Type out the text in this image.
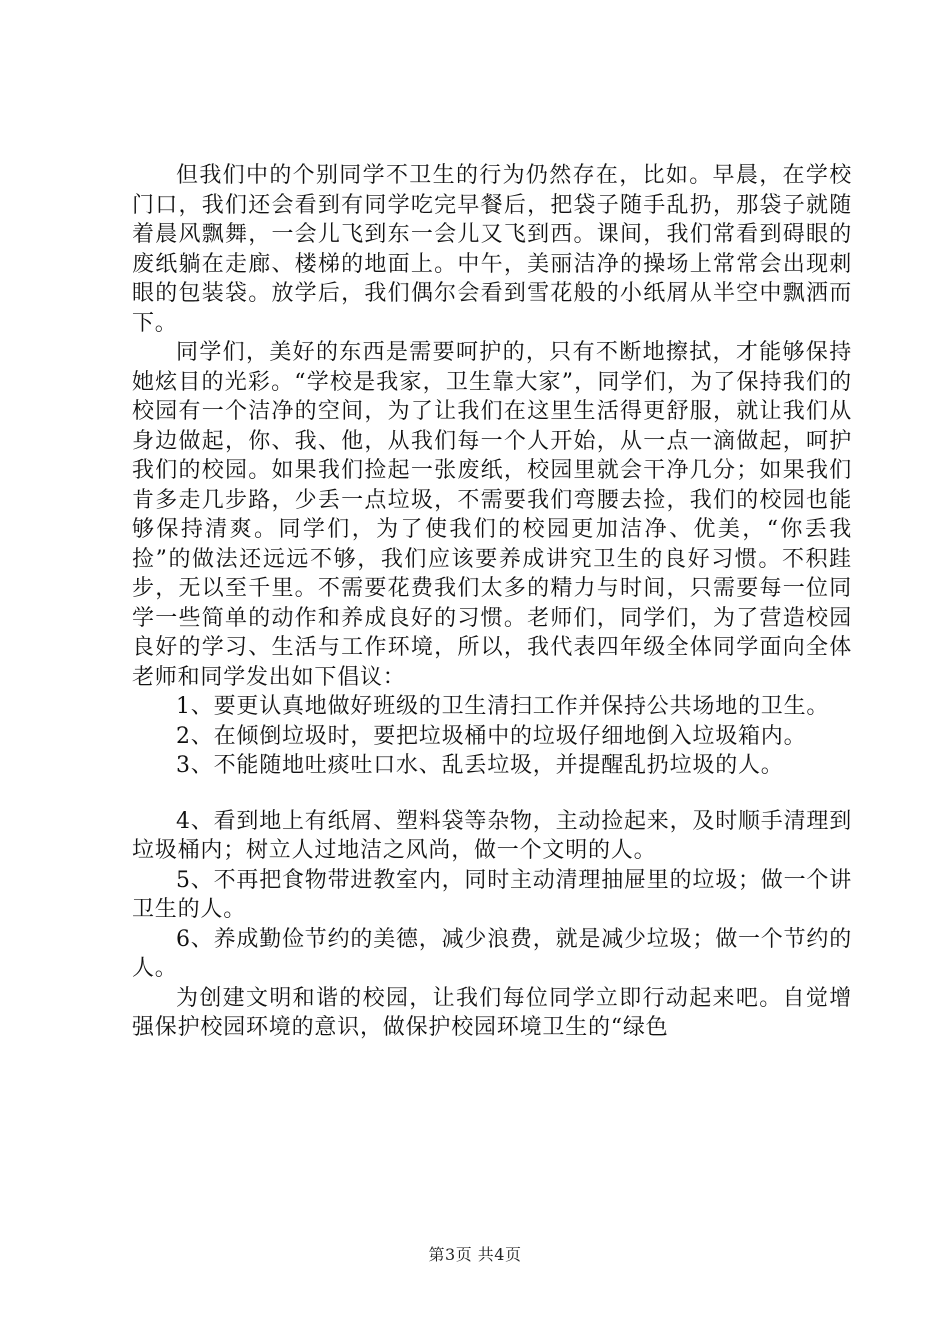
但我们中的个别同学不卫生的行为仍然存在，比如。早晨，在学校门口，我们还会看到有同学吃完早餐后，把袋子随手乱扔，那袋子就随着晨风飘舞，一会儿飞到东一会儿又飞到西。课间，我们常看到碍眼的废纸躺在走廊、楼梯的地面上。中午，美丽洁净的操场上常常会出现刺眼的包装袋。放学后，我们偶尔会看到雪花般的小纸屑从半空中飘洒而下。

同学们，美好的东西是需要呵护的，只有不断地擦拭，才能够保持她炫目的光彩。“学校是我家，卫生靠大家”，同学们，为了保持我们的校园有一个洁净的空间，为了让我们在这里生活得更舒服，就让我们从身边做起，你、我、他，从我们每一个人开始，从一点一滴做起，呵护我们的校园。如果我们捡起一张废纸，校园里就会干净几分；如果我们肯多走几步路，少丢一点垃圾，不需要我们弯腰去捡，我们的校园也能够保持清爽。同学们，为了使我们的校园更加洁净、优美，“你丢我捡”的做法还远远不够，我们应该要养成讲究卫生的良好习惯。不积跬步，无以至千里。不需要花费我们太多的精力与时间，只需要每一位同学一些简单的动作和养成良好的习惯。老师们，同学们，为了营造校园良好的学习、生活与工作环境，所以，我代表四年级全体同学面向全体老师和同学发出如下倡议：

1、要更认真地做好班级的卫生清扫工作并保持公共场地的卫生。

2、在倾倒垃圾时，要把垃圾桶中的垃圾仔细地倒入垃圾箱内。

3、不能随地吐痰吐口水、乱丢垃圾，并提醒乱扔垃圾的人。

4、看到地上有纸屑、塑料袋等杂物，主动捡起来，及时顺手清理到垃圾桶内；树立人过地洁之风尚，做一个文明的人。

5、不再把食物带进教室内，同时主动清理抽屉里的垃圾；做一个讲卫生的人。

6、养成勤俭节约的美德，减少浪费，就是减少垃圾；做一个节约的人。

为创建文明和谐的校园，让我们每位同学立即行动起来吧。自觉增强保护校园环境的意识，做保护校园环境卫生的“绿色

第3页 共4页
